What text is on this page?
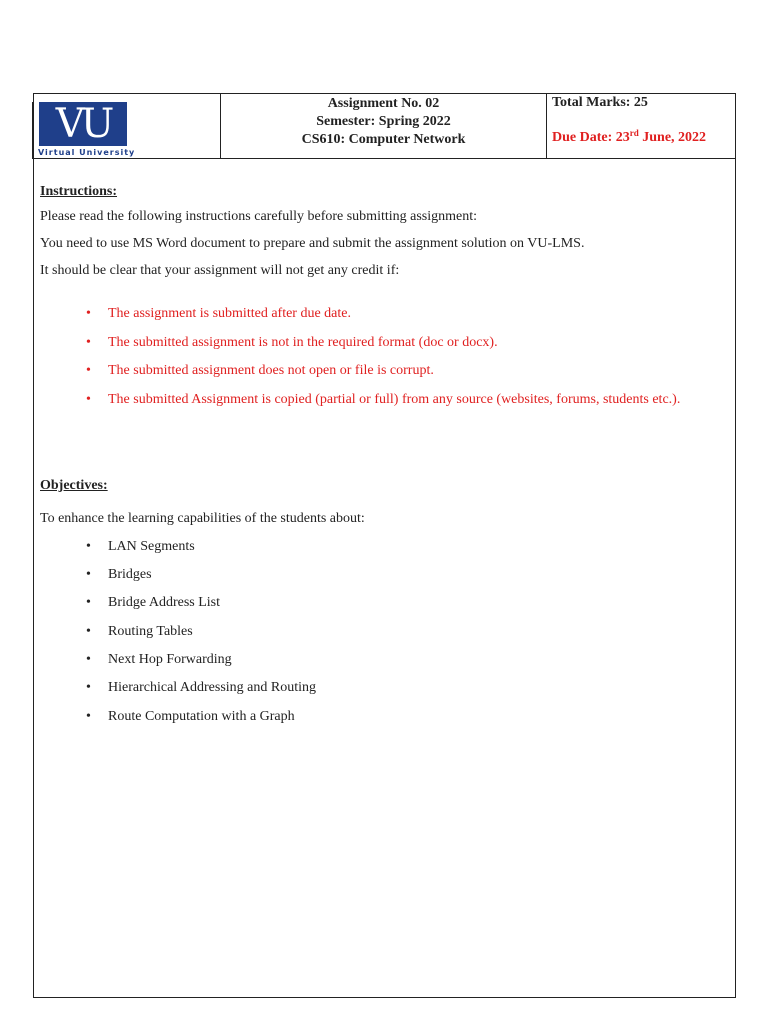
VU
Virtual University
Assignment No. 02
Semester: Spring 2022
CS610: Computer Network
Total Marks: 25
Due Date: 23rd June, 2022
Instructions:

Please read the following instructions carefully before submitting assignment:

You need to use MS Word document to prepare and submit the assignment solution on VU-LMS.

It should be clear that your assignment will not get any credit if:

• The assignment is submitted after due date.
• The submitted assignment is not in the required format (doc or docx).
• The submitted assignment does not open or file is corrupt.
• The submitted Assignment is copied (partial or full) from any source (websites, forums, students etc.).
Objectives:

To enhance the learning capabilities of the students about:

• LAN Segments
• Bridges
• Bridge Address List
• Routing Tables
• Next Hop Forwarding
• Hierarchical Addressing and Routing
• Route Computation with a Graph
